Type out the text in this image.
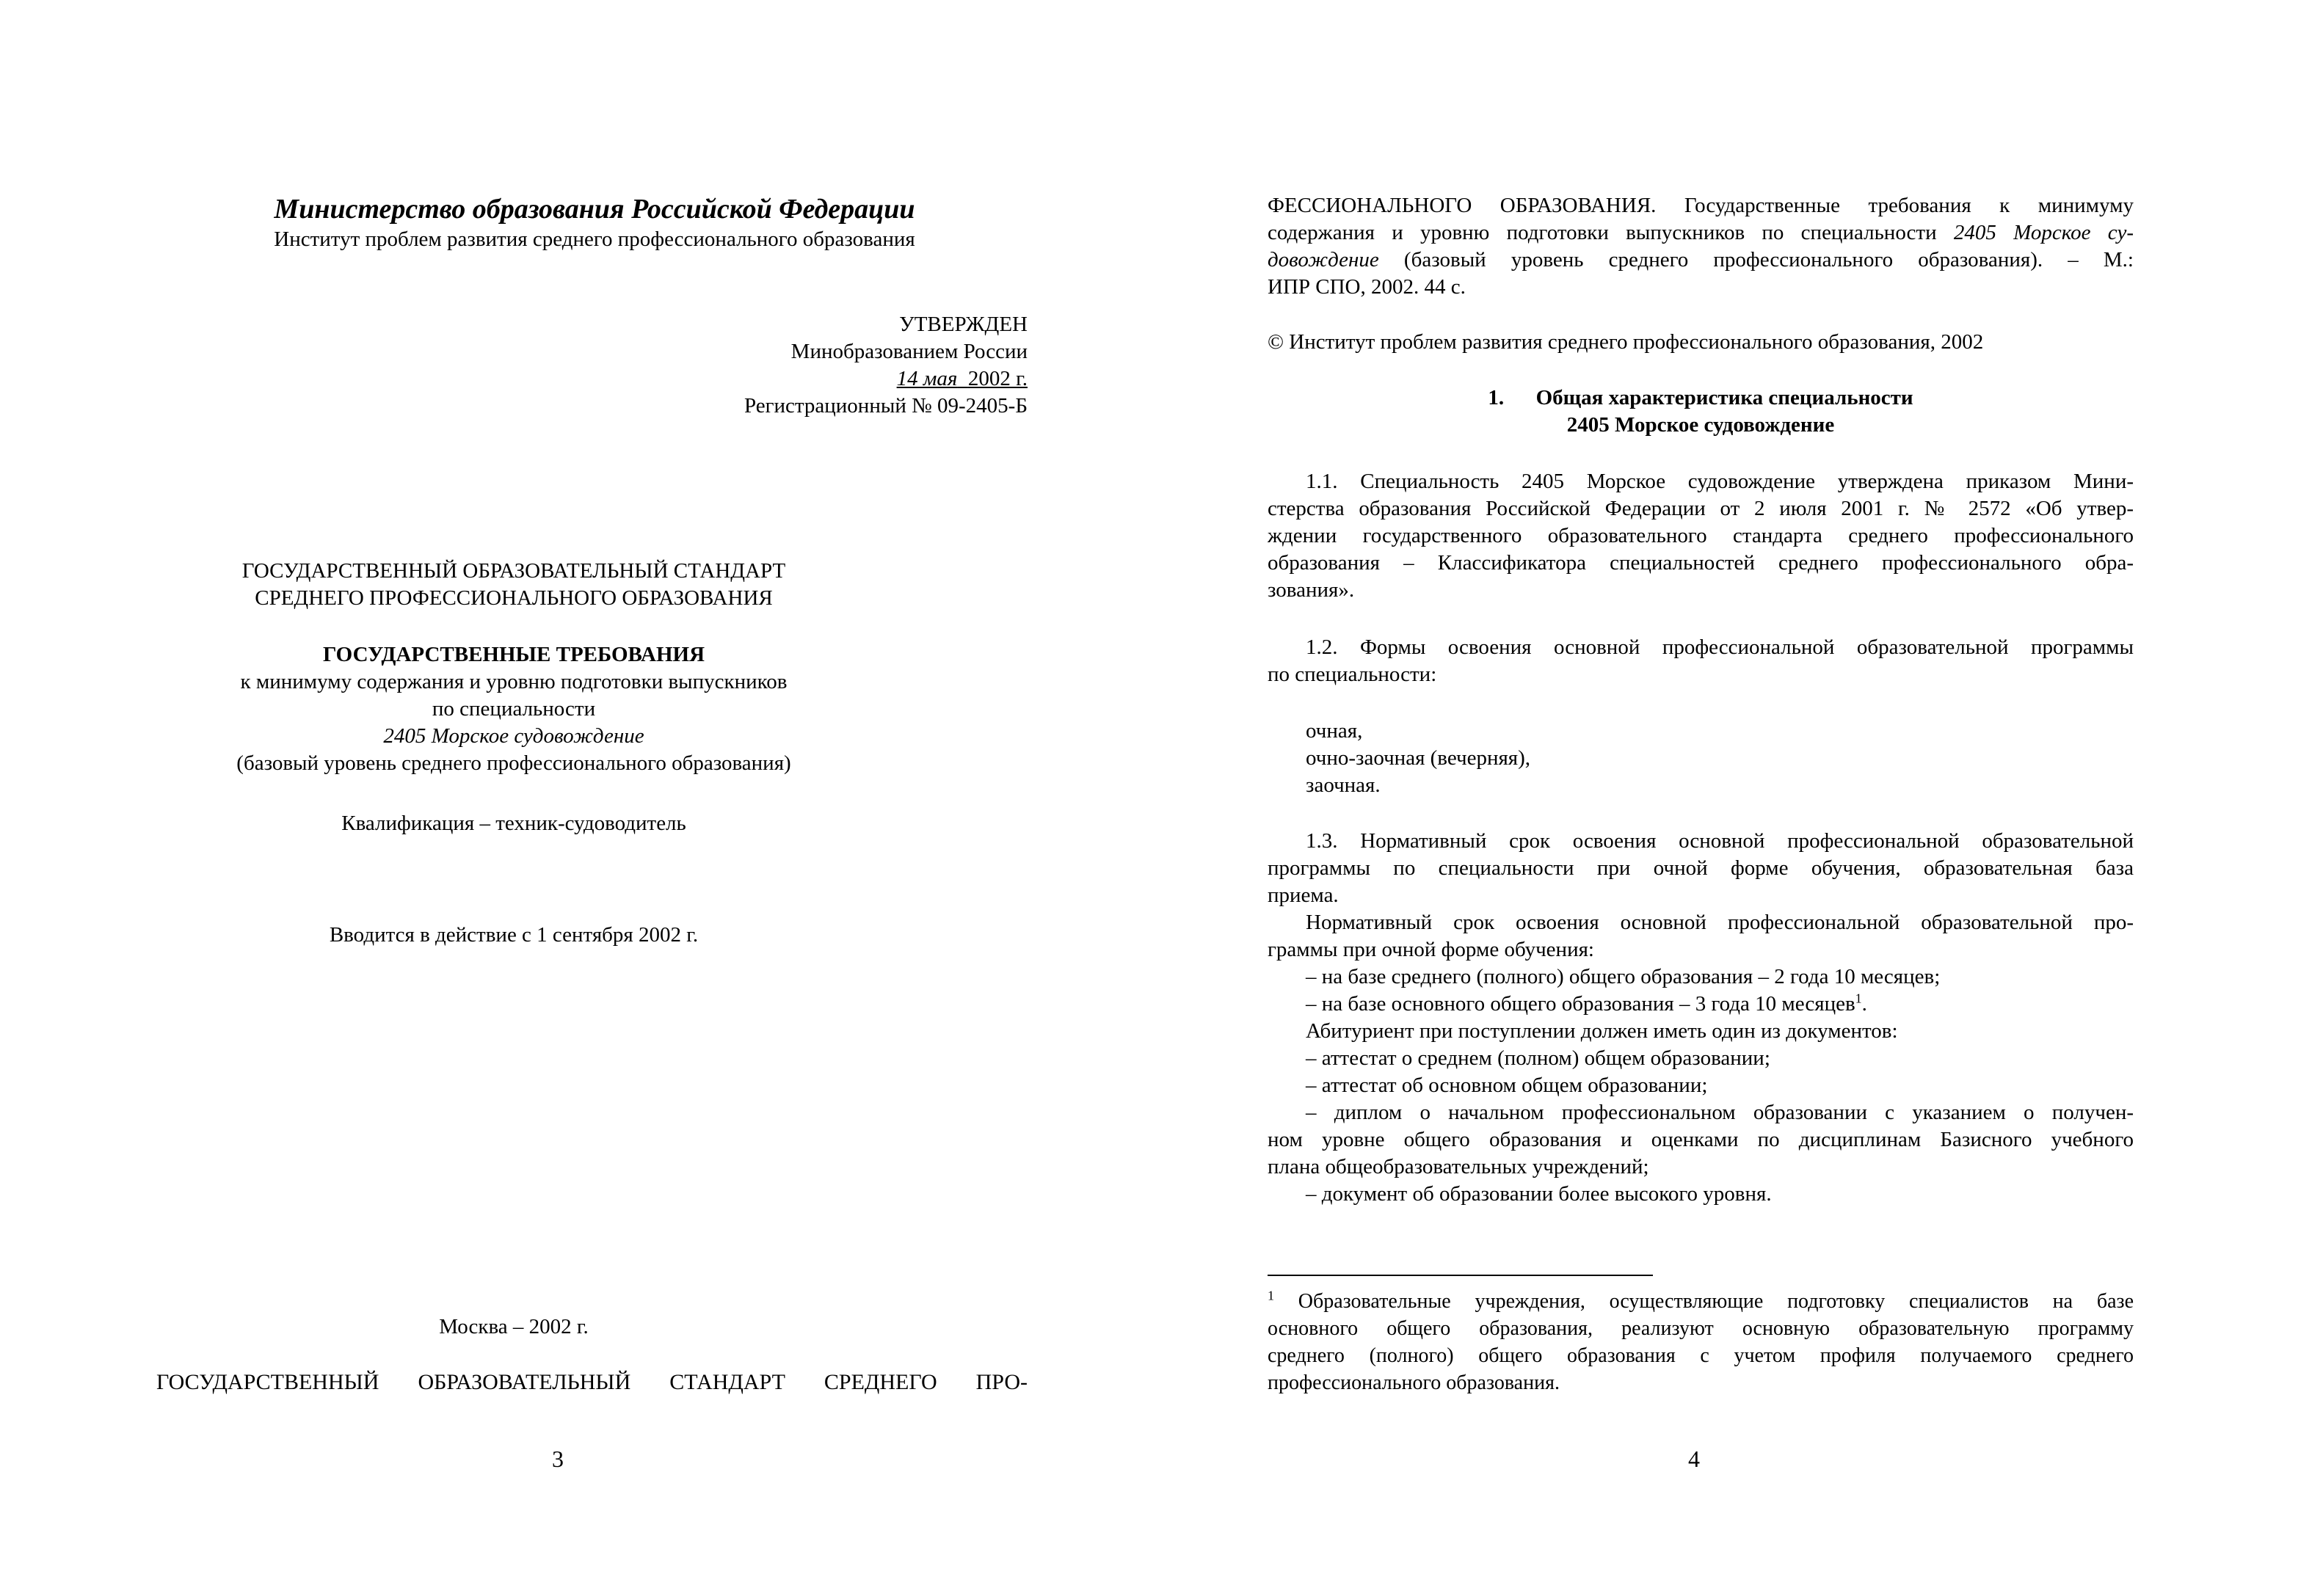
Министерство образования Российской Федерации
Институт проблем развития среднего профессионального образования
УТВЕРЖДЕН
Минобразованием России
14 мая 2002 г.
Регистрационный № 09-2405-Б
ГОСУДАРСТВЕННЫЙ ОБРАЗОВАТЕЛЬНЫЙ СТАНДАРТ
СРЕДНЕГО ПРОФЕССИОНАЛЬНОГО ОБРАЗОВАНИЯ
ГОСУДАРСТВЕННЫЕ ТРЕБОВАНИЯ
к минимуму содержания и уровню подготовки выпускников
по специальности
2405 Морское судовождение
(базовый уровень среднего профессионального образования)
Квалификация – техник-судоводитель
Вводится в действие с 1 сентября 2002 г.
Москва – 2002 г.
ГОСУДАРСТВЕННЫЙ ОБРАЗОВАТЕЛЬНЫЙ СТАНДАРТ СРЕДНЕГО ПРО-
3

ФЕССИОНАЛЬНОГО ОБРАЗОВАНИЯ. Государственные требования к минимуму

содержания и уровню подготовки выпускников по специальности 2405 Морское су-

довождение (базовый уровень среднего профессионального образования). – М.:

ИПР СПО, 2002. 44 с.

© Институт проблем развития среднего профессионального образования, 2002
1.      Общая характеристика специальности
2405 Морское судовождение

1.1. Специальность 2405 Морское судовождение утверждена приказом Мини-

стерства образования Российской Федерации от 2 июля 2001 г. № 2572 «Об утвер-

ждении государственного образовательного стандарта среднего профессионального

образования – Классификатора специальностей среднего профессионального обра-

зования».

1.2. Формы освоения основной профессиональной образовательной программы

по специальности:

очная,

очно-заочная (вечерняя),

заочная.

1.3. Нормативный срок освоения основной профессиональной образовательной

программы по специальности при очной форме обучения, образовательная база

приема.

Нормативный срок освоения основной профессиональной образовательной про-

граммы при очной форме обучения:

– на базе среднего (полного) общего образования – 2 года 10 месяцев;

– на базе основного общего образования – 3 года 10 месяцев$^1$.

Абитуриент при поступлении должен иметь один из документов:

– аттестат о среднем (полном) общем образовании;

– аттестат об основном общем образовании;

– диплом о начальном профессиональном образовании с указанием о получен-

ном уровне общего образования и оценками по дисциплинам Базисного учебного

плана общеобразовательных учреждений;

– документ об образовании более высокого уровня.

$^1$ Образовательные учреждения, осуществляющие подготовку специалистов на базе
основного общего образования, реализуют основную образовательную программу
среднего (полного) общего образования с учетом профиля получаемого среднего
профессионального образования.
4
